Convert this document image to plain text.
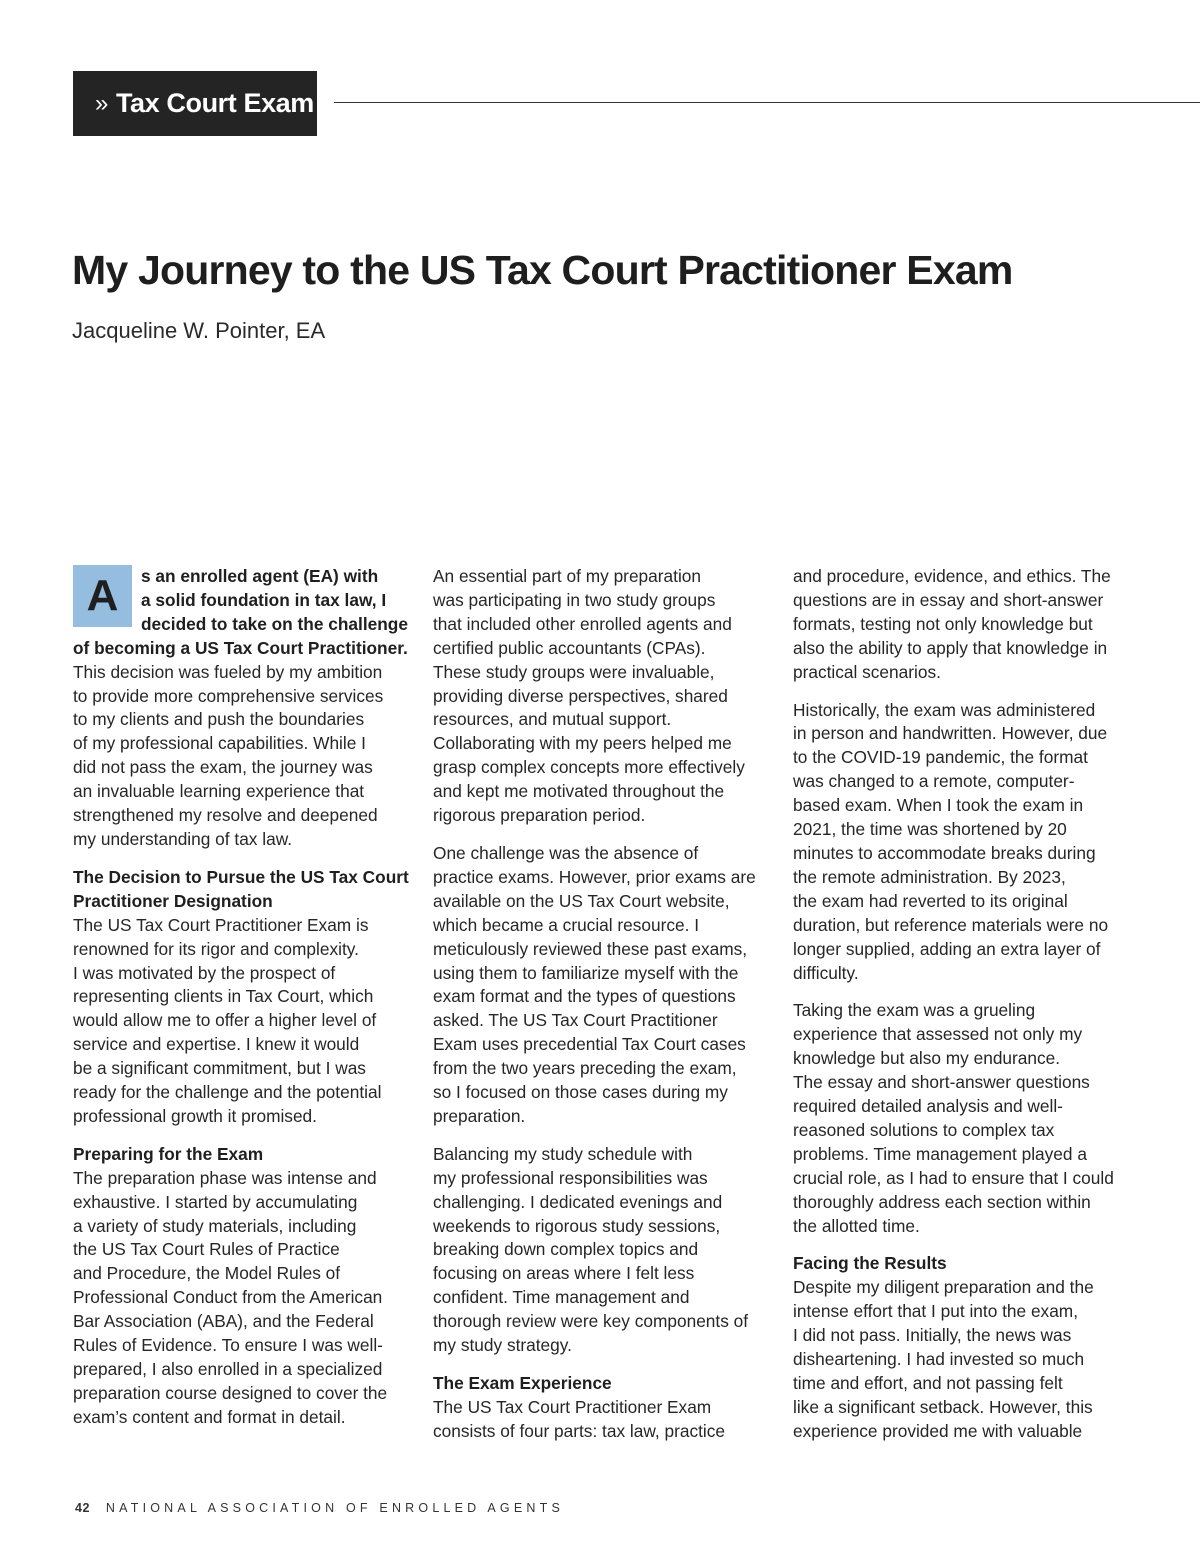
» Tax Court Exam
My Journey to the US Tax Court Practitioner Exam

Jacqueline W. Pointer, EA

A	s an enrolled agent (EA) with
a solid foundation in tax law, I
decided to take on the challenge
of becoming a US Tax Court Practitioner.
This decision was fueled by my ambition
to provide more comprehensive services
to my clients and push the boundaries
of my professional capabilities. While I
did not pass the exam, the journey was
an invaluable learning experience that
strengthened my resolve and deepened
my understanding of tax law.

The Decision to Pursue the US Tax Court
Practitioner Designation
The US Tax Court Practitioner Exam is
renowned for its rigor and complexity.
I was motivated by the prospect of
representing clients in Tax Court, which
would allow me to offer a higher level of
service and expertise. I knew it would
be a significant commitment, but I was
ready for the challenge and the potential
professional growth it promised.

Preparing for the Exam
The preparation phase was intense and
exhaustive. I started by accumulating
a variety of study materials, including
the US Tax Court Rules of Practice
and Procedure, the Model Rules of
Professional Conduct from the American
Bar Association (ABA), and the Federal
Rules of Evidence. To ensure I was well-
prepared, I also enrolled in a specialized
preparation course designed to cover the
exam’s content and format in detail.

An essential part of my preparation
was participating in two study groups
that included other enrolled agents and
certified public accountants (CPAs).
These study groups were invaluable,
providing diverse perspectives, shared
resources, and mutual support.
Collaborating with my peers helped me
grasp complex concepts more effectively
and kept me motivated throughout the
rigorous preparation period.

One challenge was the absence of
practice exams. However, prior exams are
available on the US Tax Court website,
which became a crucial resource. I
meticulously reviewed these past exams,
using them to familiarize myself with the
exam format and the types of questions
asked. The US Tax Court Practitioner
Exam uses precedential Tax Court cases
from the two years preceding the exam,
so I focused on those cases during my
preparation.

Balancing my study schedule with
my professional responsibilities was
challenging. I dedicated evenings and
weekends to rigorous study sessions,
breaking down complex topics and
focusing on areas where I felt less
confident. Time management and
thorough review were key components of
my study strategy.

The Exam Experience
The US Tax Court Practitioner Exam
consists of four parts: tax law, practice

and procedure, evidence, and ethics. The
questions are in essay and short-answer
formats, testing not only knowledge but
also the ability to apply that knowledge in
practical scenarios.

Historically, the exam was administered
in person and handwritten. However, due
to the COVID-19 pandemic, the format
was changed to a remote, computer-
based exam. When I took the exam in
2021, the time was shortened by 20
minutes to accommodate breaks during
the remote administration. By 2023,
the exam had reverted to its original
duration, but reference materials were no
longer supplied, adding an extra layer of
difficulty.

Taking the exam was a grueling
experience that assessed not only my
knowledge but also my endurance.
The essay and short-answer questions
required detailed analysis and well-
reasoned solutions to complex tax
problems. Time management played a
crucial role, as I had to ensure that I could
thoroughly address each section within
the allotted time.

Facing the Results
Despite my diligent preparation and the
intense effort that I put into the exam,
I did not pass. Initially, the news was
disheartening. I had invested so much
time and effort, and not passing felt
like a significant setback. However, this
experience provided me with valuable

42 NATIONAL ASSOCIATION OF ENROLLED AGENTS
